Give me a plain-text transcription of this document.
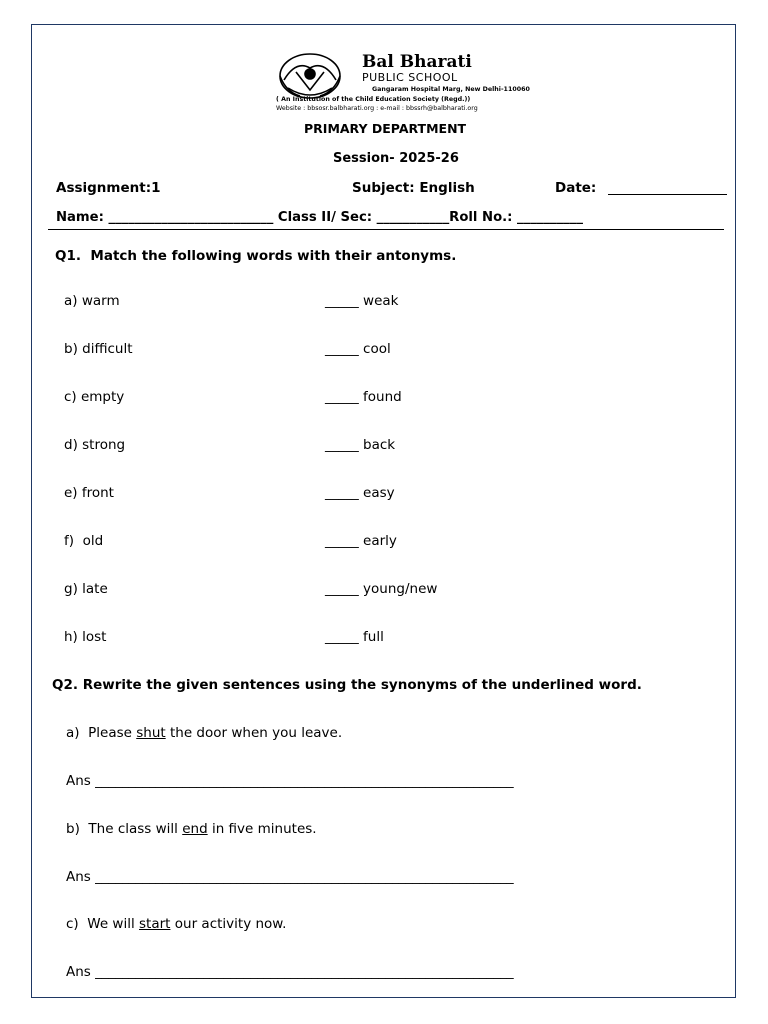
Bal Bharati
PUBLIC SCHOOL
Gangaram Hospital Marg, New Delhi-110060
( An Institution of the Child Education Society (Regd.))
Website : bbsosr.balbharati.org : e-mail : bbssrh@balbharati.org
PRIMARY DEPARTMENT
Session- 2025-26
Assignment:1	Subject: English	Date:
Name: _________________________ Class II/ Sec: ___________Roll No.: __________
Q1.  Match the following words with their antonyms.
a) warm	_____ weak
b) difficult	_____ cool
c) empty	_____ found
d) strong	_____ back
e) front	_____ easy
f)  old	_____ early
g) late	_____ young/new
h) lost	_____ full
Q2. Rewrite the given sentences using the synonyms of the underlined word.
a)  Please shut the door when you leave.
Ans ______________________________________________________________
b)  The class will end in five minutes.
Ans ______________________________________________________________
c)  We will start our activity now.
Ans ______________________________________________________________
